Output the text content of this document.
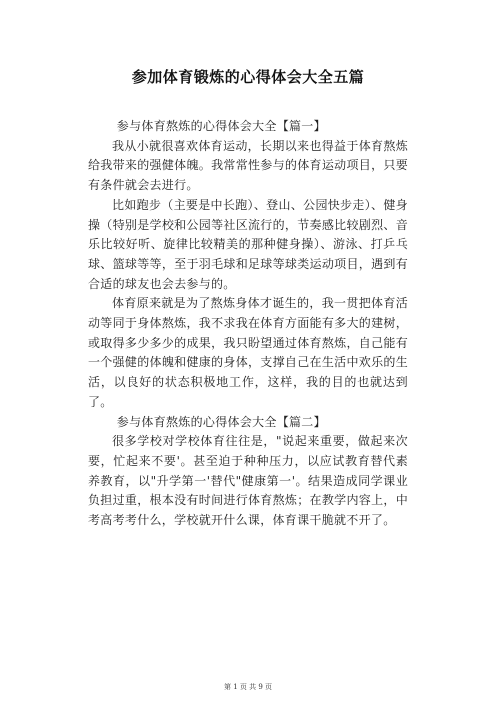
参加体育锻炼的心得体会大全五篇

参与体育熬炼的心得体会大全【篇一】

我从小就很喜欢体育运动，长期以来也得益于体育熬炼给我带来的强健体魄。我常常性参与的体育运动项目，只要有条件就会去进行。

比如跑步（主要是中长跑）、登山、公园快步走）、健身操（特别是学校和公园等社区流行的，节奏感比较剧烈、音乐比较好听、旋律比较精美的那种健身操）、游泳、打乒乓球、篮球等等，至于羽毛球和足球等球类运动项目，遇到有合适的球友也会去参与的。

体育原来就是为了熬炼身体才诞生的，我一贯把体育活动等同于身体熬炼，我不求我在体育方面能有多大的建树，或取得多少多少的成果，我只盼望通过体育熬炼，自己能有一个强健的体魄和健康的身体，支撑自己在生活中欢乐的生活，以良好的状态积极地工作，这样，我的目的也就达到了。

参与体育熬炼的心得体会大全【篇二】

很多学校对学校体育往往是，"说起来重要，做起来次要，忙起来不要'。甚至迫于种种压力，以应试教育替代素养教育，以"升学第一'替代"健康第一'。结果造成同学课业负担过重，根本没有时间进行体育熬炼；在教学内容上，中考高考考什么，学校就开什么课，体育课干脆就不开了。

第 1 页 共 9 页
